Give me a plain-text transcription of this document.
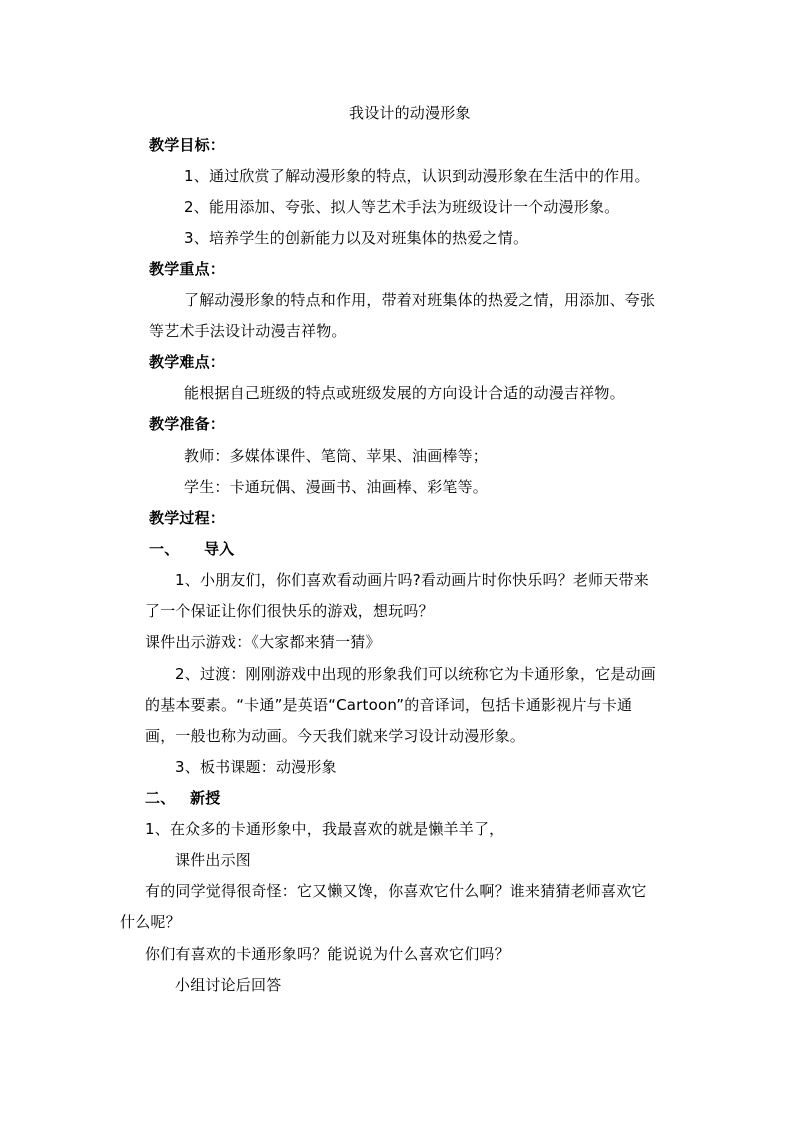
我设计的动漫形象
教学目标：
1、通过欣赏了解动漫形象的特点，认识到动漫形象在生活中的作用。
2、能用添加、夸张、拟人等艺术手法为班级设计一个动漫形象。
3、培养学生的创新能力以及对班集体的热爱之情。
教学重点：
了解动漫形象的特点和作用，带着对班集体的热爱之情，用添加、夸张
等艺术手法设计动漫吉祥物。
教学难点：
能根据自己班级的特点或班级发展的方向设计合适的动漫吉祥物。
教学准备：
教师：多媒体课件、笔筒、苹果、油画棒等；
学生：卡通玩偶、漫画书、油画棒、彩笔等。
教学过程：
一、 导入
1、小朋友们，你们喜欢看动画片吗?看动画片时你快乐吗？老师天带来
了一个保证让你们很快乐的游戏，想玩吗？
课件出示游戏：《大家都来猜一猜》
2、过渡：刚刚游戏中出现的形象我们可以统称它为卡通形象，它是动画
的基本要素。“卡通”是英语“Cartoon”的音译词，包括卡通影视片与卡通
画，一般也称为动画。今天我们就来学习设计动漫形象。
3、板书课题：动漫形象
二、 新授
1、在众多的卡通形象中，我最喜欢的就是懒羊羊了，
课件出示图
有的同学觉得很奇怪：它又懒又馋，你喜欢它什么啊？谁来猜猜老师喜欢它
什么呢？
你们有喜欢的卡通形象吗？能说说为什么喜欢它们吗？
小组讨论后回答
